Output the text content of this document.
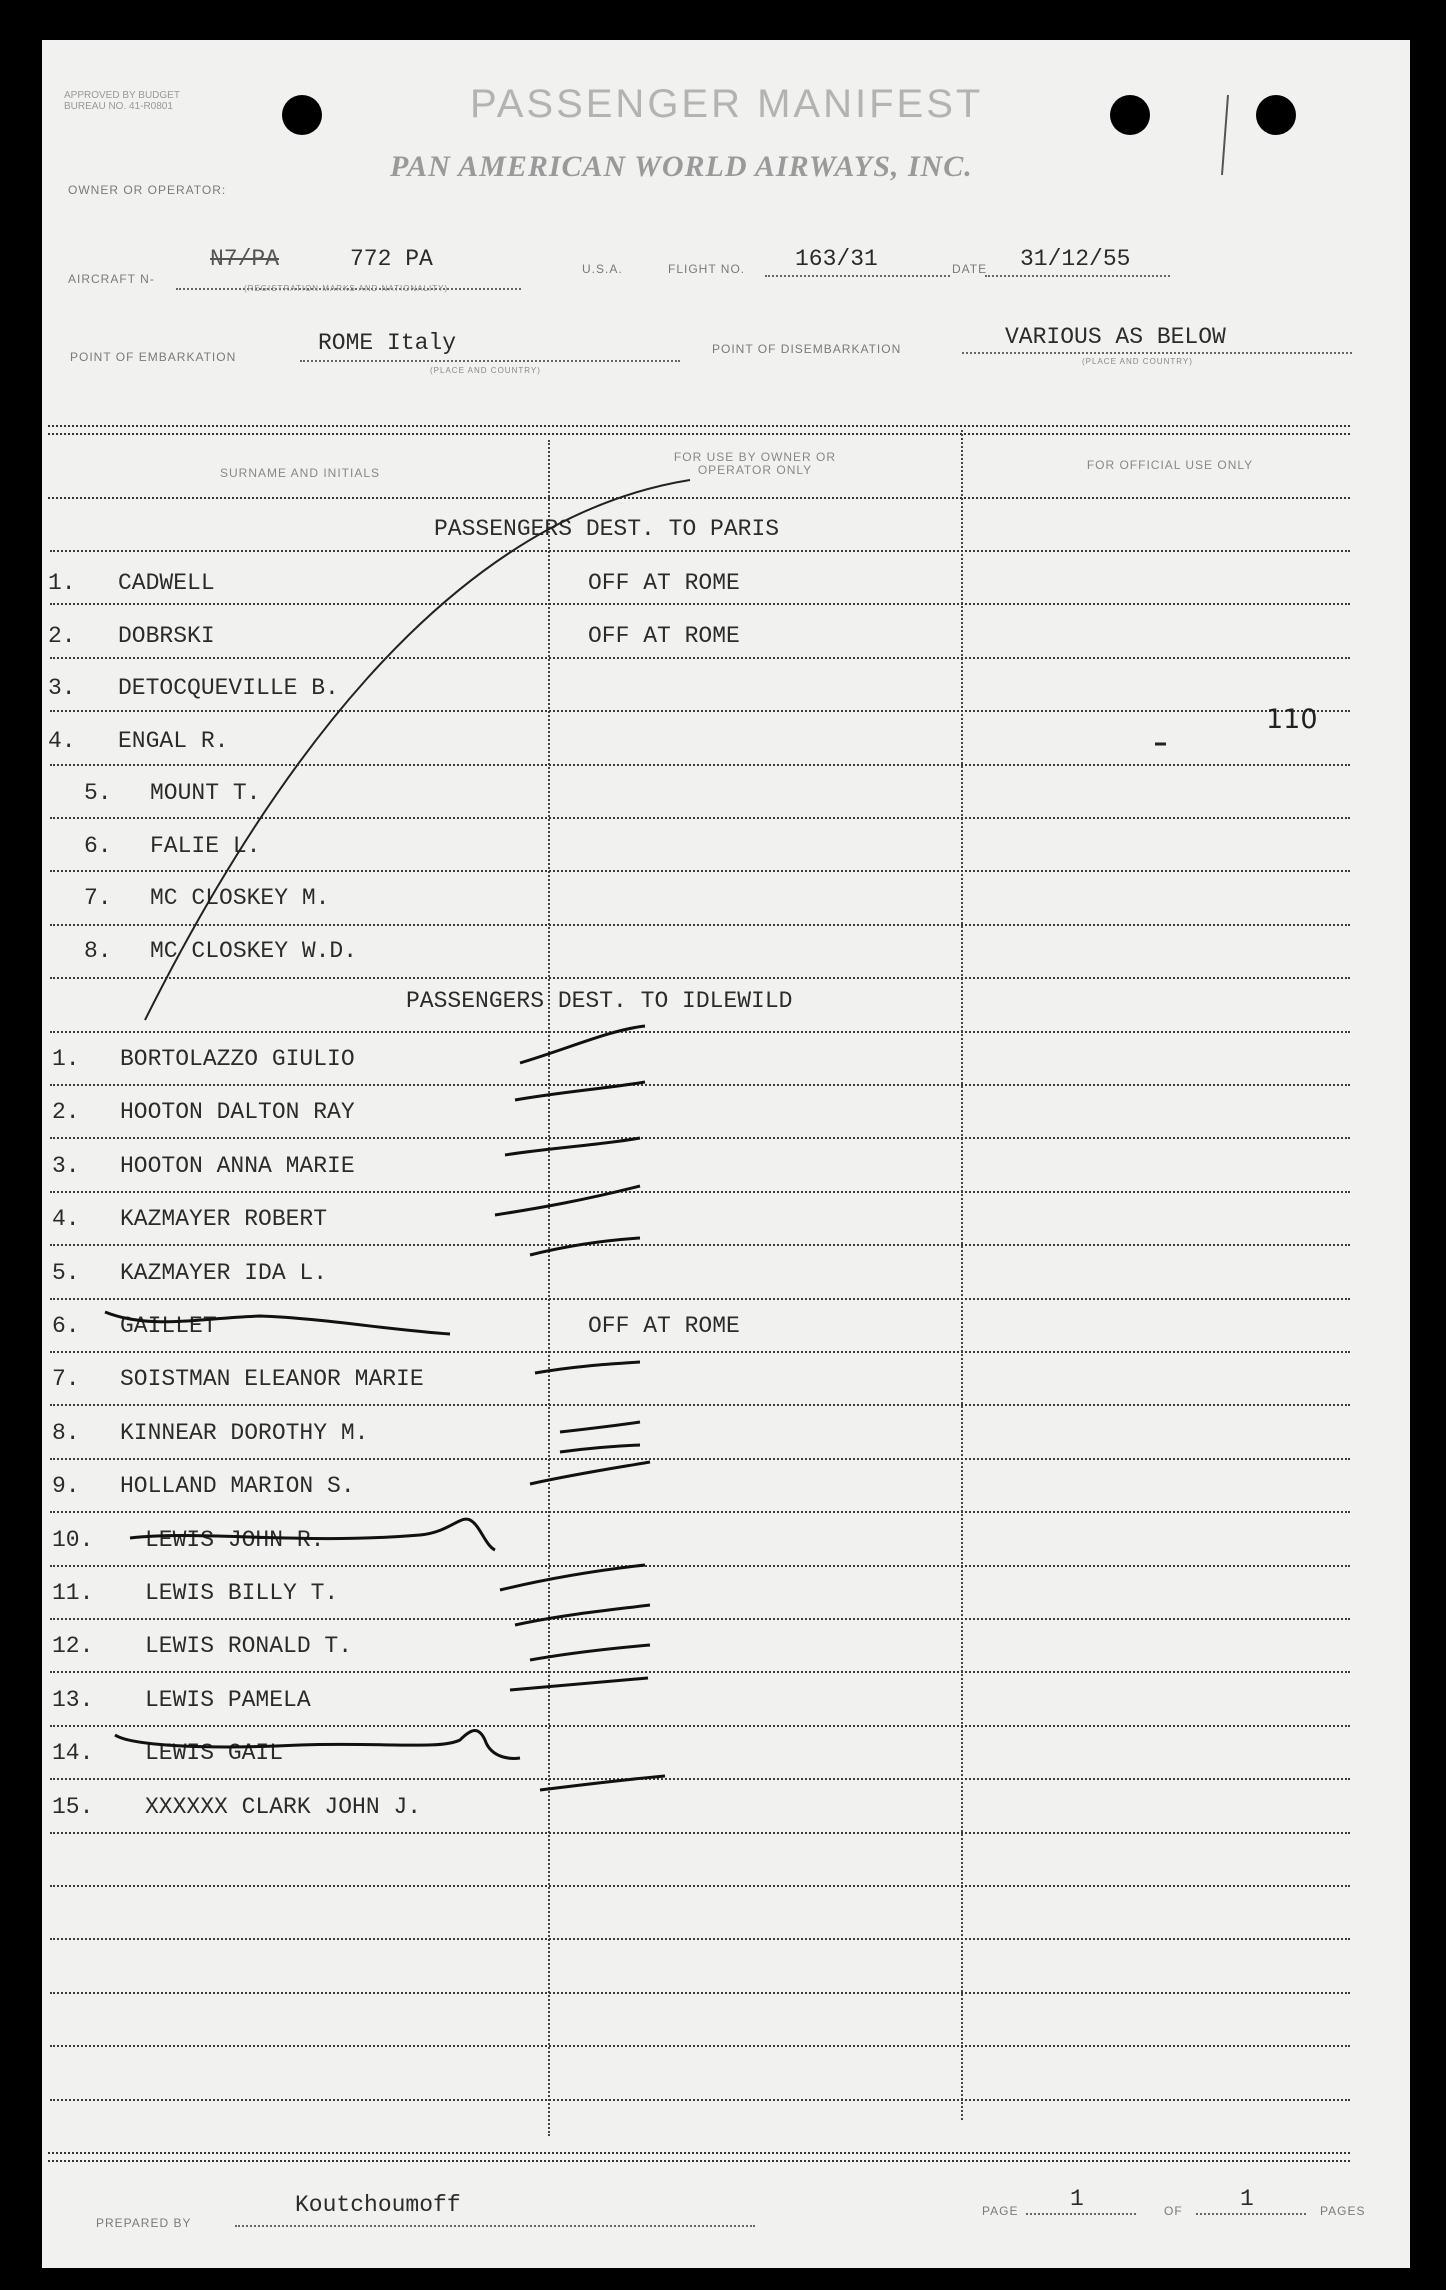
APPROVED BY BUDGET BUREAU NO. 41-R0801	PASSENGER MANIFEST
OWNER OR OPERATOR:
PAN AMERICAN WORLD AIRWAYS, INC.
AIRCRAFT N-
N7/PA	772 PA
(REGISTRATION MARKS AND NATIONALITY)
U.S.A.	FLIGHT NO. 163/31	DATE 31/12/55
POINT OF EMBARKATION
ROME Italy
(PLACE AND COUNTRY)
POINT OF DISEMBARKATION	VARIOUS AS BELOW
(PLACE AND COUNTRY)
SURNAME AND INITIALS
FOR USE BY OWNER OR OPERATOR ONLY	FOR OFFICIAL USE ONLY
PASSENGERS DEST. TO PARIS
PASSENGERS DEST. TO IDLEWILD
1. CADWELL	OFF AT ROME
2. DOBRSKI	OFF AT ROME
3. DETOCQUEVILLE B.
4. ENGAL R.
5. MOUNT T.
6. FALIE L.
7. MC CLOSKEY M.
8. MC CLOSKEY W.D.
1. BORTOLAZZO GIULIO
2. HOOTON DALTON RAY
3. HOOTON ANNA MARIE
4. KAZMAYER ROBERT
5. KAZMAYER IDA L.
6. GAILLET	OFF AT ROME
7. SOISTMAN ELEANOR MARIE
8. KINNEAR DOROTHY M.
9. HOLLAND MARION S.
10. LEWIS JOHN R.
11. LEWIS BILLY T.
12. LEWIS RONALD T.
13. LEWIS PAMELA
14. LEWIS GAIL
15. XXXXXX CLARK JOHN J.
110
PREPARED BY
Koutchoumoff	PAGE 1	OF 1	PAGES
